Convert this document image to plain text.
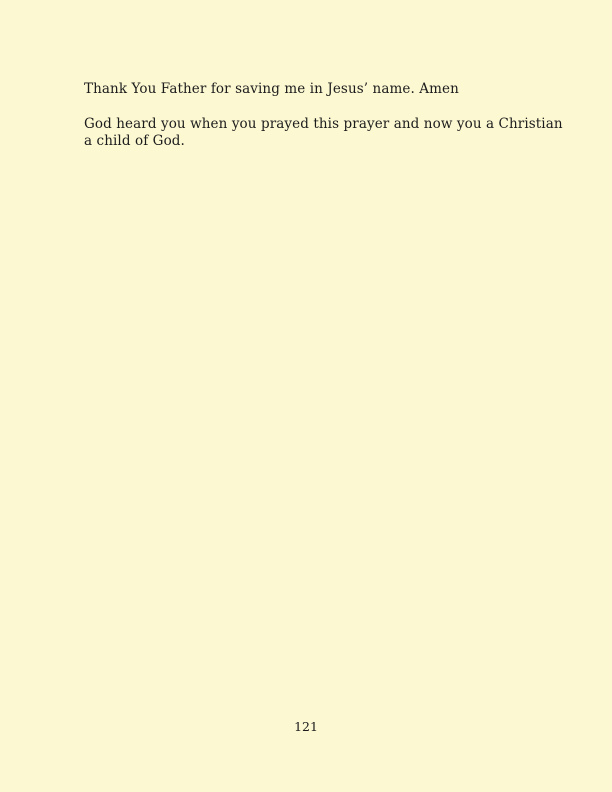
Thank You Father for saving me in Jesus’ name. Amen
God heard you when you prayed this prayer and now you a Christian
a child of God.
121
